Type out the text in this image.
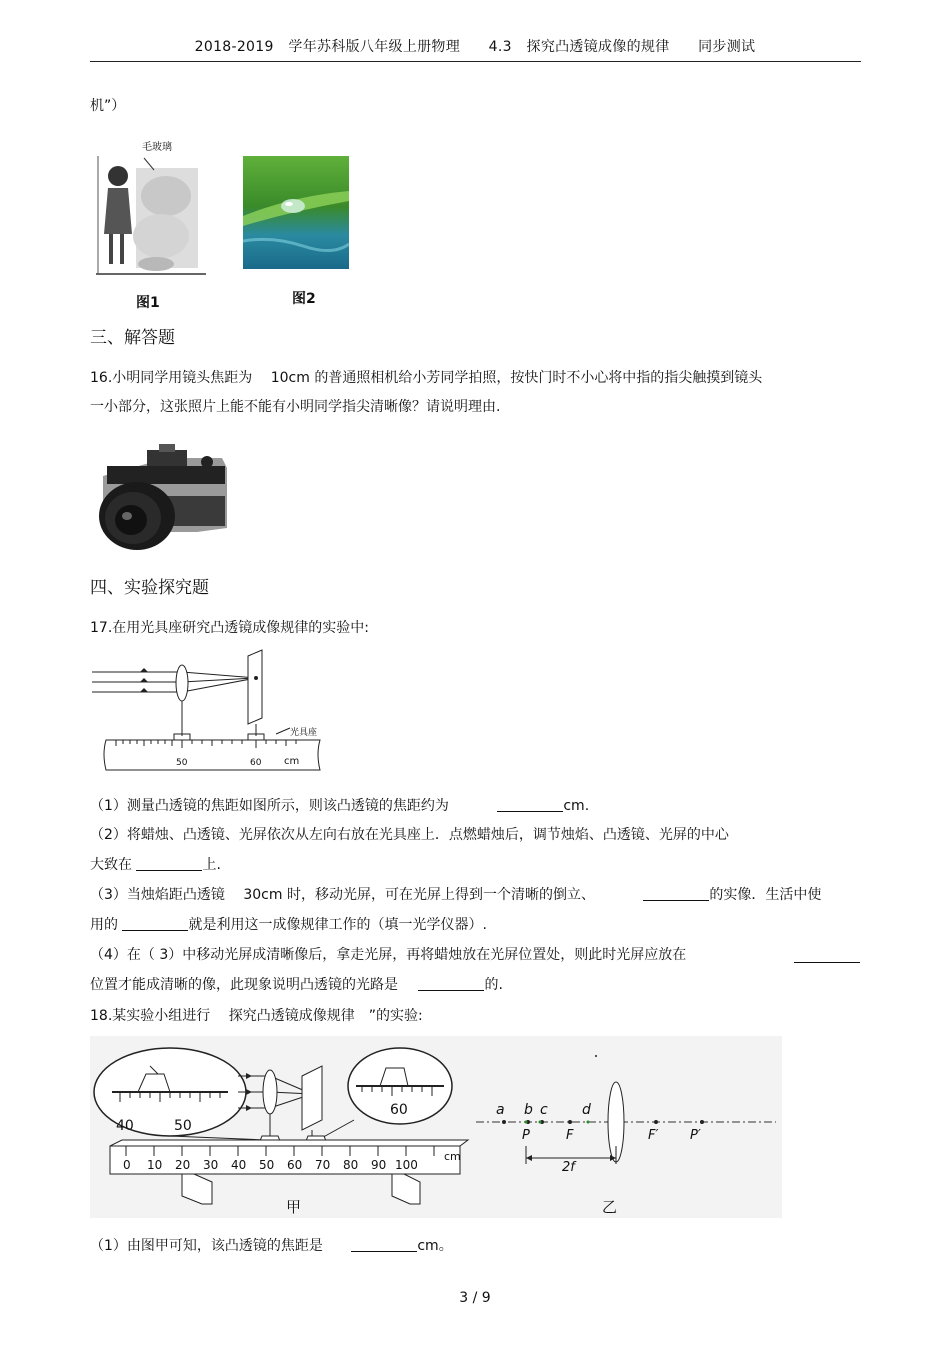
2018-2019 学年苏科版八年级上册物理　　4.3 探究凸透镜成像的规律　　同步测试
机”）
毛玻璃
图1	图2
三、解答题
16.小明同学用镜头焦距为　 10cm 的普通照相机给小芳同学拍照，按快门时不小心将中指的指尖触摸到镜头
一小部分，这张照片上能不能有小明同学指尖清晰像？请说明理由.
四、实验探究题
17.在用光具座研究凸透镜成像规律的实验中:
光具座
50	60 cm
（1）测量凸透镜的焦距如图所示，则该凸透镜的焦距约为	cm.
（2）将蜡烛、凸透镜、光屏依次从左向右放在光具座上．点燃蜡烛后，调节烛焰、凸透镜、光屏的中心
大致在	上.
（3）当烛焰距凸透镜　 30cm 时，移动光屏，可在光屏上得到一个清晰的倒立、	的实像．生活中使
用的	就是利用这一成像规律工作的（填一光学仪器）.
（4）在（ 3）中移动光屏成清晰像后，拿走光屏，再将蜡烛放在光屏位置处，则此时光屏应放在
位置才能成清晰的像，此现象说明凸透镜的光路是	的.
18.某实验小组进行　 探究凸透镜成像规律　”的实验:
40	50
60
0 10 20 30 40 50 60 70 80 90 100
cm
甲
a b c d
P	F	F′ P′
2f
乙
（1）由图甲可知，该凸透镜的焦距是	cm。
3 / 9
